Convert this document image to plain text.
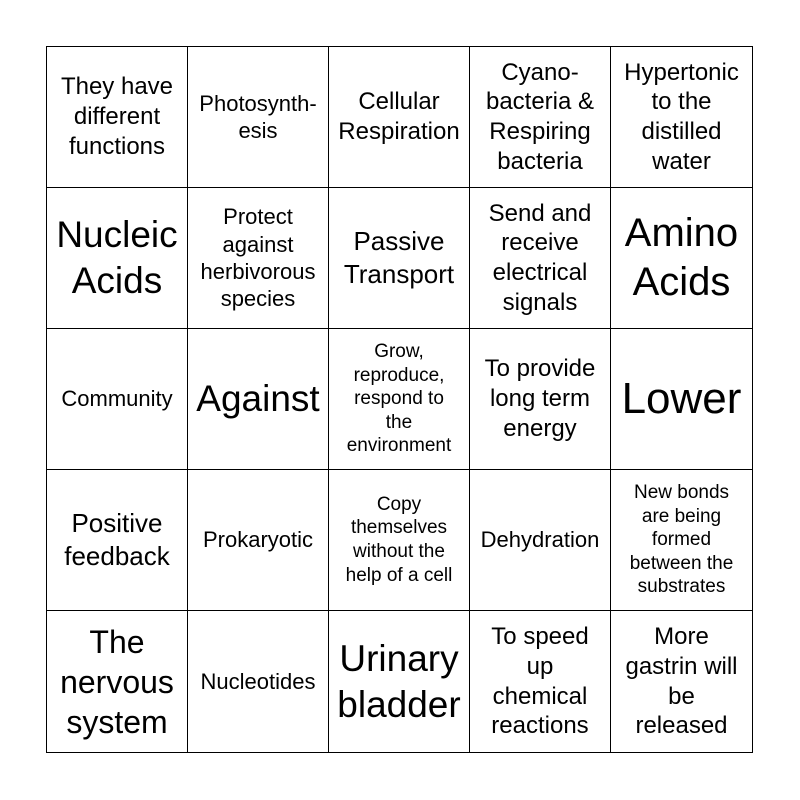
They have
different
functions
Photosynth-
esis
Cellular
Respiration
Cyano-
bacteria &
Respiring
bacteria
Hypertonic
to the
distilled
water
Nucleic
Acids
Protect
against
herbivorous
species
Passive
Transport
Send and
receive
electrical
signals
Amino
Acids
Community Against
Grow,
reproduce,
respond to
the
environment
To provide
long term
energy
Lower
Positive
feedback
Prokaryotic
Copy
themselves
without the
help of a cell
Dehydration
New bonds
are being
formed
between the
substrates
The
nervous
system
Nucleotides
Urinary
bladder
To speed
up
chemical
reactions
More
gastrin will
be
released
